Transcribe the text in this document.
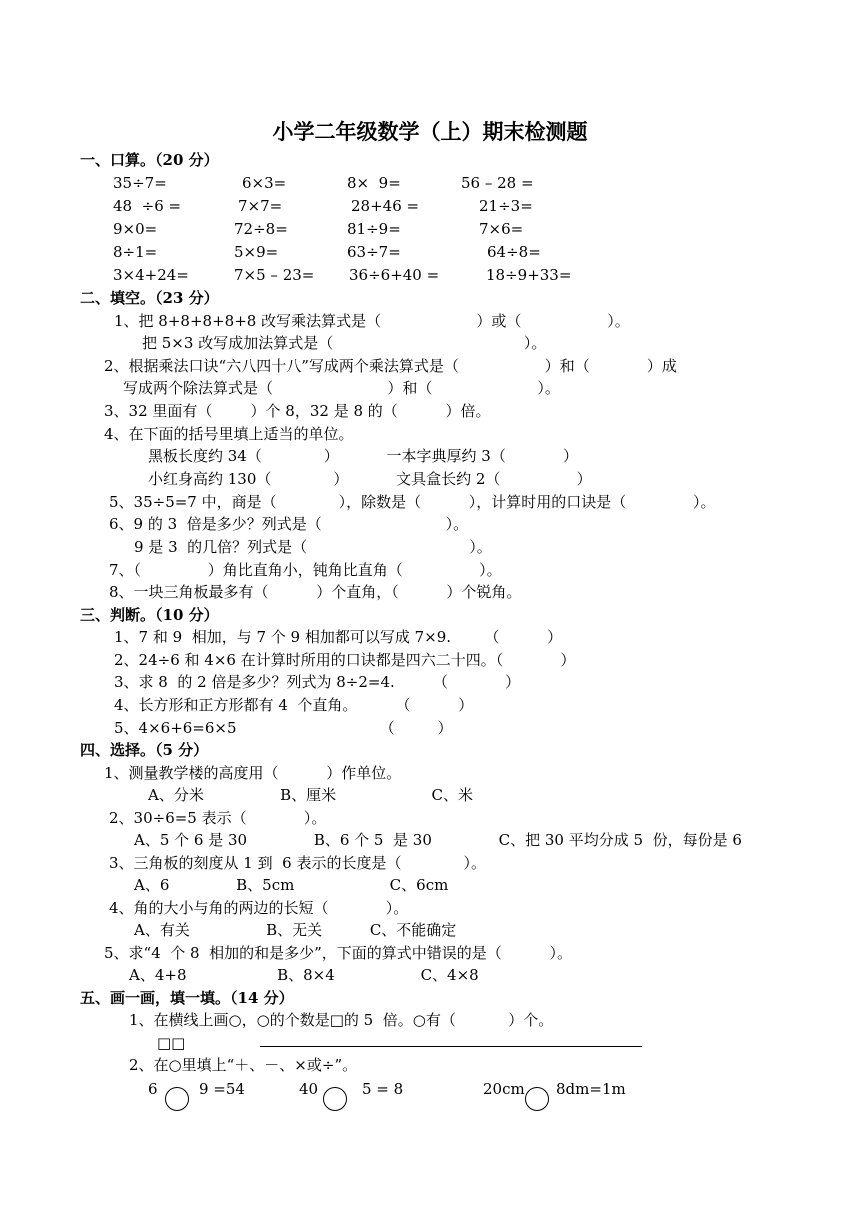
小学二年级数学（上）期末检测题
一、口算。（20 分）
35÷7=	6×3=	8×  9=	56 – 28 =
48  ÷6 =	7×7=	28+46 =	21÷3=
9×0=	72÷8=	81÷9=	7×6=
8÷1=	5×9=	63÷7=	64÷8=
3×4+24=	7×5 – 23= 36÷6+40 =	18÷9+33=
二、填空。（23 分）
1、把 8+8+8+8+8 改写乘法算式是（                    ）或（                  ）。
把 5×3 改写成加法算式是（                                        ）。
2、根据乘法口诀“六八四十八”写成两个乘法算式是（                  ）和（            ）成
写成两个除法算式是（                        ）和（                      ）。
3、32 里面有（        ）个 8，32 是 8 的（          ）倍。
4、在下面的括号里填上适当的单位。
黑板长度约 34（             ）          一本字典厚约 3（            ）
小红身高约 130（             ）          文具盒长约 2（                ）
5、35÷5=7 中，商是（             ），除数是（          ），计算时用的口诀是（              ）。
6、9 的 3  倍是多少？列式是（                          ）。
9 是 3  的几倍？列式是（                                  ）。
7、（              ）角比直角小，钝角比直角（                ）。
8、一块三角板最多有（          ）个直角，（          ）个锐角。
三、判断。（10 分）
1、7 和 9  相加，与 7 个 9 相加都可以写成 7×9.       （          ）
2、24÷6 和 4×6 在计算时所用的口诀都是四六二十四。（            ）
3、求 8  的 2 倍是多少？列式为 8÷2=4.        （            ）
4、长方形和正方形都有 4  个直角。        （          ）
5、4×6+6=6×5                              （         ）
四、选择。（5 分）
1、测量教学楼的高度用（          ）作单位。
A、分米                B、厘米                    C、米
2、30÷6=5 表示（            ）。
A、5 个 6 是 30              B、6 个 5  是 30              C、把 30 平均分成 5  份，每份是 6
3、三角板的刻度从 1 到  6 表示的长度是（             ）。
A、6              B、5cm                    C、6cm
4、角的大小与角的两边的长短（            ）。
A、有关                B、无关          C、不能确定
5、求“4  个 8  相加的和是多少”，下面的算式中错误的是（          ）。
A、4+8                   B、8×4                  C、4×8
五、画一画，填一填。（14 分）
1、在横线上画○，○的个数是□的 5  倍。○有（           ）个。
□□
2、在○里填上“＋、－、×或÷”。
6	9 =54	40	5 = 8	20cm 8dm=1m
